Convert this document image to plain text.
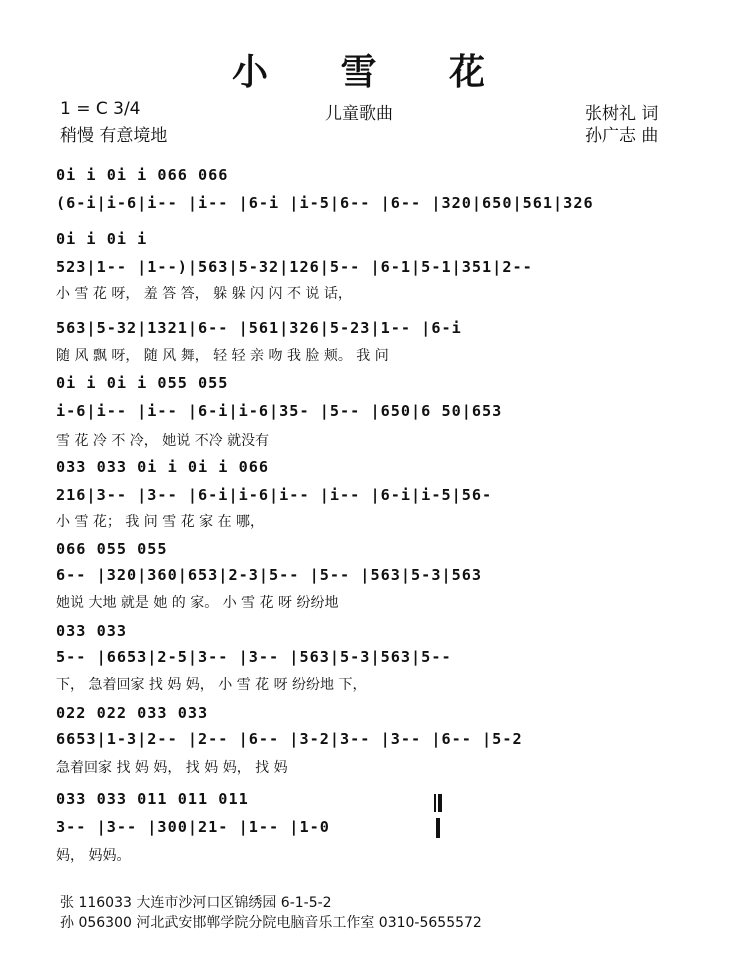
小 雪 花
1 = C 3/4
稍慢 有意境地
儿童歌曲	张树礼 词
孙广志 曲
0i i 0i i 066 066
(6-i|i-6|i-- |i-- |6-i |i-5|6-- |6-- |320|650|561|326
0i i 0i i
523|1-- |1--)|563|5-32|126|5-- |6-1|5-1|351|2--
小 雪 花 呀， 羞 答 答， 躲 躲 闪 闪 不 说 话，
563|5-32|1321|6-- |561|326|5-23|1-- |6-i
随 风 飘 呀， 随 风 舞， 轻 轻 亲 吻 我 脸 颊。 我 问
0i i 0i i 055 055
i-6|i-- |i-- |6-i|i-6|35- |5-- |650|6 50|653
雪 花 冷 不 冷， 她说 不冷 就没有
033 033 0i i 0i i 066
216|3-- |3-- |6-i|i-6|i-- |i-- |6-i|i-5|56-
小 雪 花； 我 问 雪 花 家 在 哪，
066 055 055
6-- |320|360|653|2-3|5-- |5-- |563|5-3|563
她说 大地 就是 她 的 家。 小 雪 花 呀 纷纷地
033 033
5-- |6653|2-5|3-- |3-- |563|5-3|563|5--
下， 急着回家 找 妈 妈， 小 雪 花 呀 纷纷地 下，
022 022 033 033
6653|1-3|2-- |2-- |6-- |3-2|3-- |3-- |6-- |5-2
急着回家 找 妈 妈， 找 妈 妈， 找 妈
033 033 011 011 011
3-- |3-- |300|21- |1-- |1-0
妈， 妈妈。
张 116033 大连市沙河口区锦绣园 6-1-5-2
孙 056300 河北武安邯郸学院分院电脑音乐工作室 0310-5655572
